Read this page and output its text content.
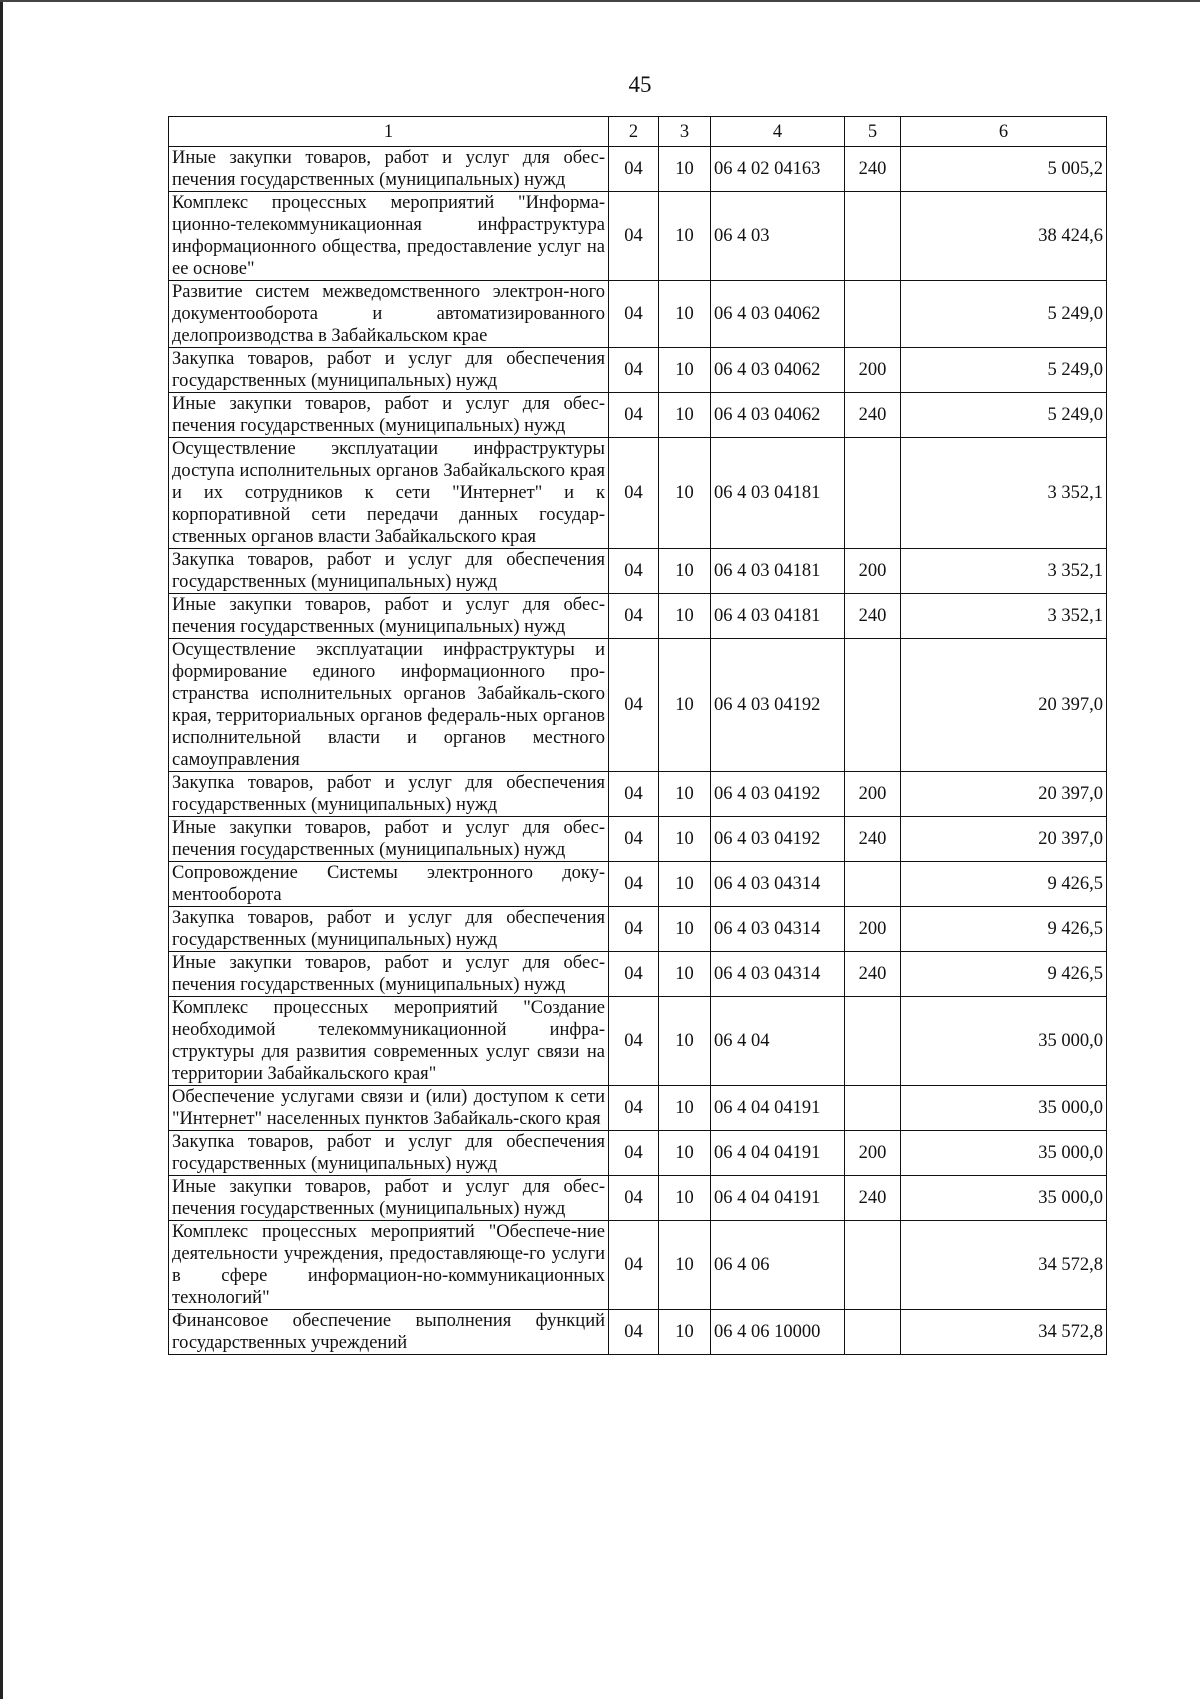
45
1	2	3	4	5	6
Иные закупки товаров, работ и услуг для обес-печения государственных (муниципальных) нужд	04	10	06 4 02 04163	240	5 005,2
Комплекс процессных мероприятий "Информа-ционно-телекоммуникационная инфраструктура информационного общества, предоставление услуг на ее основе"	04	10	06 4 03		38 424,6
Развитие систем межведомственного электрон-ного документооборота и автоматизированного делопроизводства в Забайкальском крае	04	10	06 4 03 04062		5 249,0
Закупка товаров, работ и услуг для обеспечения государственных (муниципальных) нужд	04	10	06 4 03 04062	200	5 249,0
Иные закупки товаров, работ и услуг для обес-печения государственных (муниципальных) нужд	04	10	06 4 03 04062	240	5 249,0
Осуществление эксплуатации инфраструктуры доступа исполнительных органов Забайкальского края и их сотрудников к сети "Интернет" и к корпоративной сети передачи данных государ-ственных органов власти Забайкальского края	04	10	06 4 03 04181		3 352,1
Закупка товаров, работ и услуг для обеспечения государственных (муниципальных) нужд	04	10	06 4 03 04181	200	3 352,1
Иные закупки товаров, работ и услуг для обес-печения государственных (муниципальных) нужд	04	10	06 4 03 04181	240	3 352,1
Осуществление эксплуатации инфраструктуры и формирование единого информационного про-странства исполнительных органов Забайкаль-ского края, территориальных органов федераль-ных органов исполнительной власти и органов местного самоуправления	04	10	06 4 03 04192		20 397,0
Закупка товаров, работ и услуг для обеспечения государственных (муниципальных) нужд	04	10	06 4 03 04192	200	20 397,0
Иные закупки товаров, работ и услуг для обес-печения государственных (муниципальных) нужд	04	10	06 4 03 04192	240	20 397,0
Сопровождение Системы электронного доку-ментооборота	04	10	06 4 03 04314		9 426,5
Закупка товаров, работ и услуг для обеспечения государственных (муниципальных) нужд	04	10	06 4 03 04314	200	9 426,5
Иные закупки товаров, работ и услуг для обес-печения государственных (муниципальных) нужд	04	10	06 4 03 04314	240	9 426,5
Комплекс процессных мероприятий "Создание необходимой телекоммуникационной инфра-структуры для развития современных услуг связи на территории Забайкальского края"	04	10	06 4 04		35 000,0
Обеспечение услугами связи и (или) доступом к сети "Интернет" населенных пунктов Забайкаль-ского края	04	10	06 4 04 04191		35 000,0
Закупка товаров, работ и услуг для обеспечения государственных (муниципальных) нужд	04	10	06 4 04 04191	200	35 000,0
Иные закупки товаров, работ и услуг для обес-печения государственных (муниципальных) нужд	04	10	06 4 04 04191	240	35 000,0
Комплекс процессных мероприятий "Обеспече-ние деятельности учреждения, предоставляюще-го услуги в сфере информацион-но-коммуникационных технологий"	04	10	06 4 06		34 572,8
Финансовое обеспечение выполнения функций государственных учреждений	04	10	06 4 06 10000		34 572,8
